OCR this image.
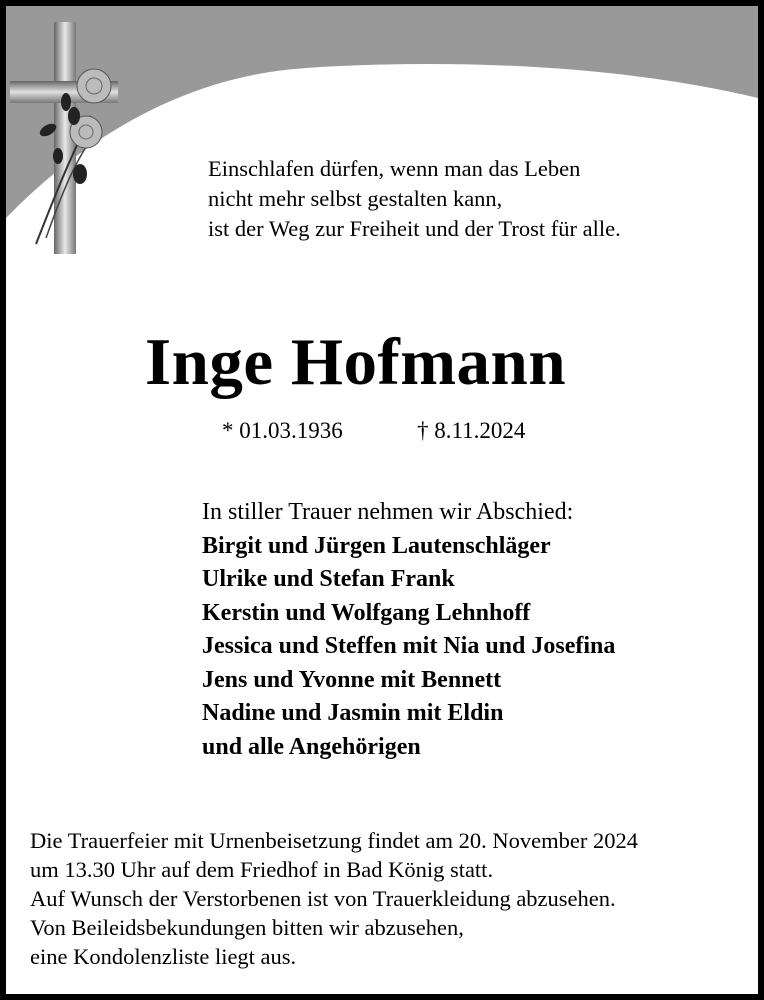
Einschlafen dürfen, wenn man das Leben
nicht mehr selbst gestalten kann,
ist der Weg zur Freiheit und der Trost für alle.
Inge Hofmann
* 01.03.1936	† 8.11.2024
In stiller Trauer nehmen wir Abschied:
Birgit und Jürgen Lautenschläger
Ulrike und Stefan Frank
Kerstin und Wolfgang Lehnhoff
Jessica und Steffen mit Nia und Josefina
Jens und Yvonne mit Bennett
Nadine und Jasmin mit Eldin
und alle Angehörigen
Die Trauerfeier mit Urnenbeisetzung findet am 20. November 2024
um 13.30 Uhr auf dem Friedhof in Bad König statt.
Auf Wunsch der Verstorbenen ist von Trauerkleidung abzusehen.
Von Beileidsbekundungen bitten wir abzusehen,
eine Kondolenzliste liegt aus.
